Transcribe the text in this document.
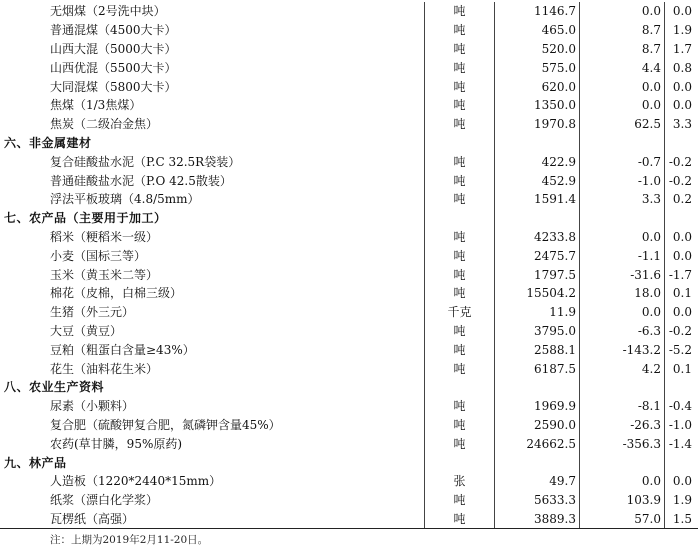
无烟煤（2号洗中块）	吨	1146.7	0.0	0.0
普通混煤（4500大卡）	吨	465.0	8.7	1.9
山西大混（5000大卡）	吨	520.0	8.7	1.7
山西优混（5500大卡）	吨	575.0	4.4	0.8
大同混煤（5800大卡）	吨	620.0	0.0	0.0
焦煤（1/3焦煤）	吨	1350.0	0.0	0.0
焦炭（二级冶金焦）	吨	1970.8	62.5	3.3
六、非金属建材				
复合硅酸盐水泥（P.C 32.5R袋装）	吨	422.9	-0.7	-0.2
普通硅酸盐水泥（P.O 42.5散装）	吨	452.9	-1.0	-0.2
浮法平板玻璃（4.8/5mm）	吨	1591.4	3.3	0.2
七、农产品（主要用于加工）				
稻米（粳稻米一级）	吨	4233.8	0.0	0.0
小麦（国标三等）	吨	2475.7	-1.1	0.0
玉米（黄玉米二等）	吨	1797.5	-31.6	-1.7
棉花（皮棉，白棉三级）	吨	15504.2	18.0	0.1
生猪（外三元）	千克	11.9	0.0	0.0
大豆（黄豆）	吨	3795.0	-6.3	-0.2
豆粕（粗蛋白含量≥43%）	吨	2588.1	-143.2	-5.2
花生（油料花生米）	吨	6187.5	4.2	0.1
八、农业生产资料				
尿素（小颗料）	吨	1969.9	-8.1	-0.4
复合肥（硫酸钾复合肥，氮磷钾含量45%）	吨	2590.0	-26.3	-1.0
农药(草甘膦，95%原药)	吨	24662.5	-356.3	-1.4
九、林产品				
人造板（1220*2440*15mm）	张	49.7	0.0	0.0
纸浆（漂白化学浆）	吨	5633.3	103.9	1.9
瓦楞纸（高强）	吨	3889.3	57.0	1.5
注：上期为2019年2月11-20日。
